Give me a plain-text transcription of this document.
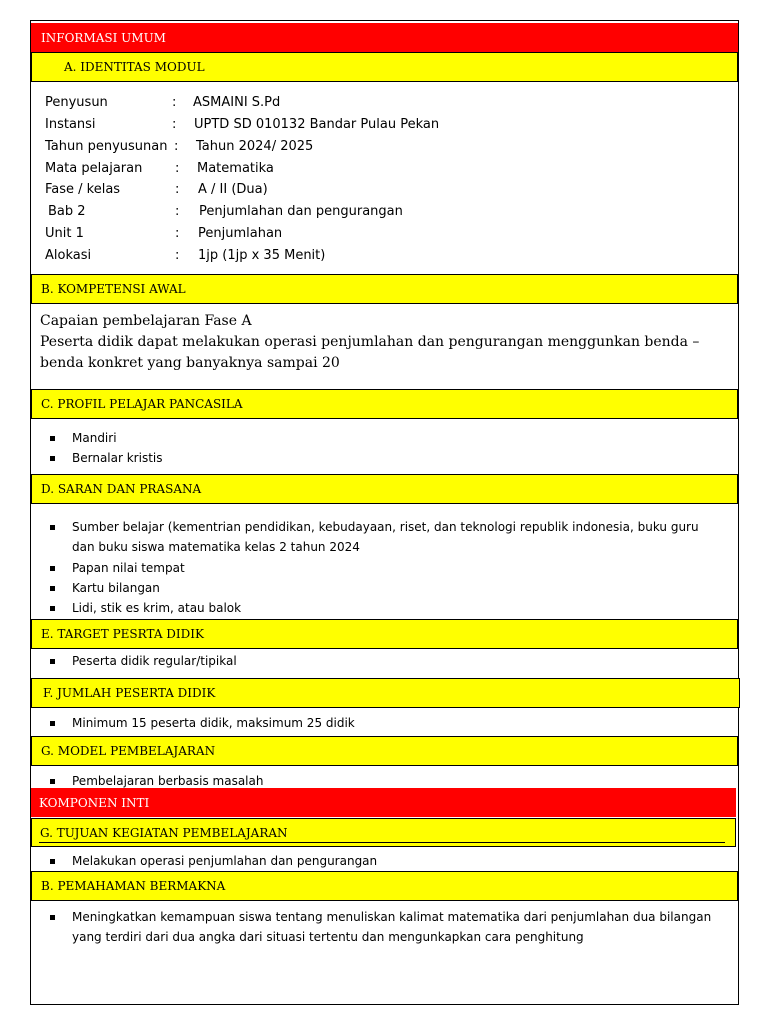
INFORMASI UMUM
A. IDENTITAS MODUL
Penyusun	: ASMAINI S.Pd
Instansi	: UPTD SD 010132 Bandar Pulau Pekan
Tahun penyusunan : Tahun 2024/ 2025
Mata pelajaran	: Matematika
Fase / kelas	: A / II (Dua)
Bab 2	: Penjumlahan dan pengurangan
Unit 1	: Penjumlahan
Alokasi	: 1jp (1jp x 35 Menit)
B. KOMPETENSI AWAL
Capaian pembelajaran Fase A
Peserta didik dapat melakukan operasi penjumlahan dan pengurangan menggunkan benda – benda konkret yang banyaknya sampai 20
C. PROFIL PELAJAR PANCASILA
Mandiri
Bernalar kristis
D. SARAN DAN PRASANA
Sumber belajar (kementrian pendidikan, kebudayaan, riset, dan teknologi republik indonesia, buku guru dan buku siswa matematika kelas 2 tahun 2024
Papan nilai tempat
Kartu bilangan
Lidi, stik es krim, atau balok
E. TARGET PESRTA DIDIK
Peserta didik regular/tipikal
F. JUMLAH PESERTA DIDIK
Minimum 15 peserta didik, maksimum 25 didik
G. MODEL PEMBELAJARAN
Pembelajaran berbasis masalah
KOMPONEN INTI
G. TUJUAN KEGIATAN PEMBELAJARAN
Melakukan operasi penjumlahan dan pengurangan
B. PEMAHAMAN BERMAKNA
Meningkatkan kemampuan siswa tentang menuliskan kalimat matematika dari penjumlahan dua bilangan yang terdiri dari dua angka dari situasi tertentu dan mengunkapkan cara penghitung
